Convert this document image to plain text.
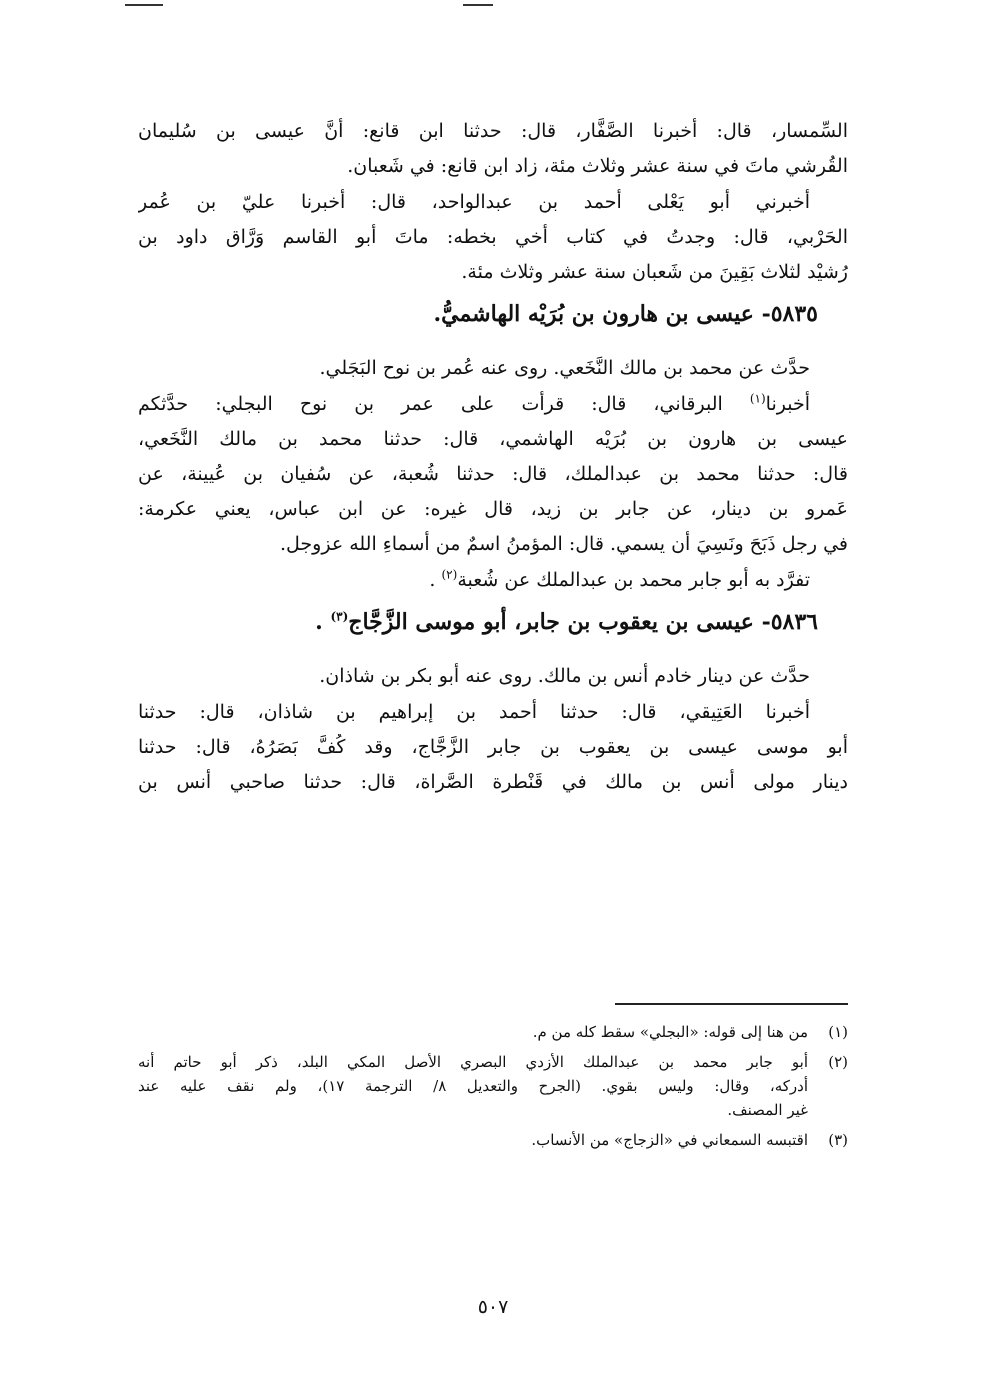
السِّمسار، قال: أخبرنا الصَّفَّار، قال: حدثنا ابن قانع: أنَّ عيسى بن سُليمان
القُرشي ماتَ في سنة عشر وثلاث مئة، زاد ابن قانع: في شَعبان.
أخبرني أبو يَعْلى أحمد بن عبدالواحد، قال: أخبرنا عليّ بن عُمر
الحَرْبي، قال: وجدتُ في كتاب أخي بخطه: ماتَ أبو القاسم وَرَّاق داود بن
رُشيْد لثلاث بَقِينَ من شَعبان سنة عشر وثلاث مئة.
٥٨٣٥- عيسى بن هارون بن بُرَيْه الهاشميُّ.
حدَّث عن محمد بن مالك النَّخَعي. روى عنه عُمر بن نوح البَجَلي.
أخبرنا$^{(١)}$ البرقاني، قال: قرأت على عمر بن نوح البجلي: حدَّثكم
عيسى بن هارون بن بُرَيْه الهاشمي، قال: حدثنا محمد بن مالك النَّخَعي،
قال: حدثنا محمد بن عبدالملك، قال: حدثنا شُعبة، عن سُفيان بن عُيينة، عن
عَمرو بن دينار، عن جابر بن زيد، قال غيره: عن ابن عباس، يعني عكرمة:
في رجل ذَبَحَ ونَسِيَ أن يسمي. قال: المؤمنُ اسمٌ من أسماءِ الله عزوجل.
تفرَّد به أبو جابر محمد بن عبدالملك عن شُعبة$^{(٢)}$ .
٥٨٣٦- عيسى بن يعقوب بن جابر، أبو موسى الزَّجَّاج$^{(٣)}$ .
حدَّث عن دينار خادم أنس بن مالك. روى عنه أبو بكر بن شاذان.
أخبرنا العَتِيقي، قال: حدثنا أحمد بن إبراهيم بن شاذان، قال: حدثنا
أبو موسى عيسى بن يعقوب بن جابر الزَّجَّاج، وقد كُفَّ بَصَرُهُ، قال: حدثنا
دينار مولى أنس بن مالك في قَنْطرة الصَّراة، قال: حدثنا صاحبي أنس بن
(١)
من هنا إلى قوله: «البجلي» سقط كله من م.
(٢)
أبو جابر محمد بن عبدالملك الأزدي البصري الأصل المكي البلد، ذكر أبو حاتم أنه
أدركه، وقال: وليس بقوي. (الجرح والتعديل ٨/ الترجمة ١٧)، ولم نقف عليه عند
غير المصنف.
(٣)
اقتبسه السمعاني في «الزجاج» من الأنساب.
٥٠٧
